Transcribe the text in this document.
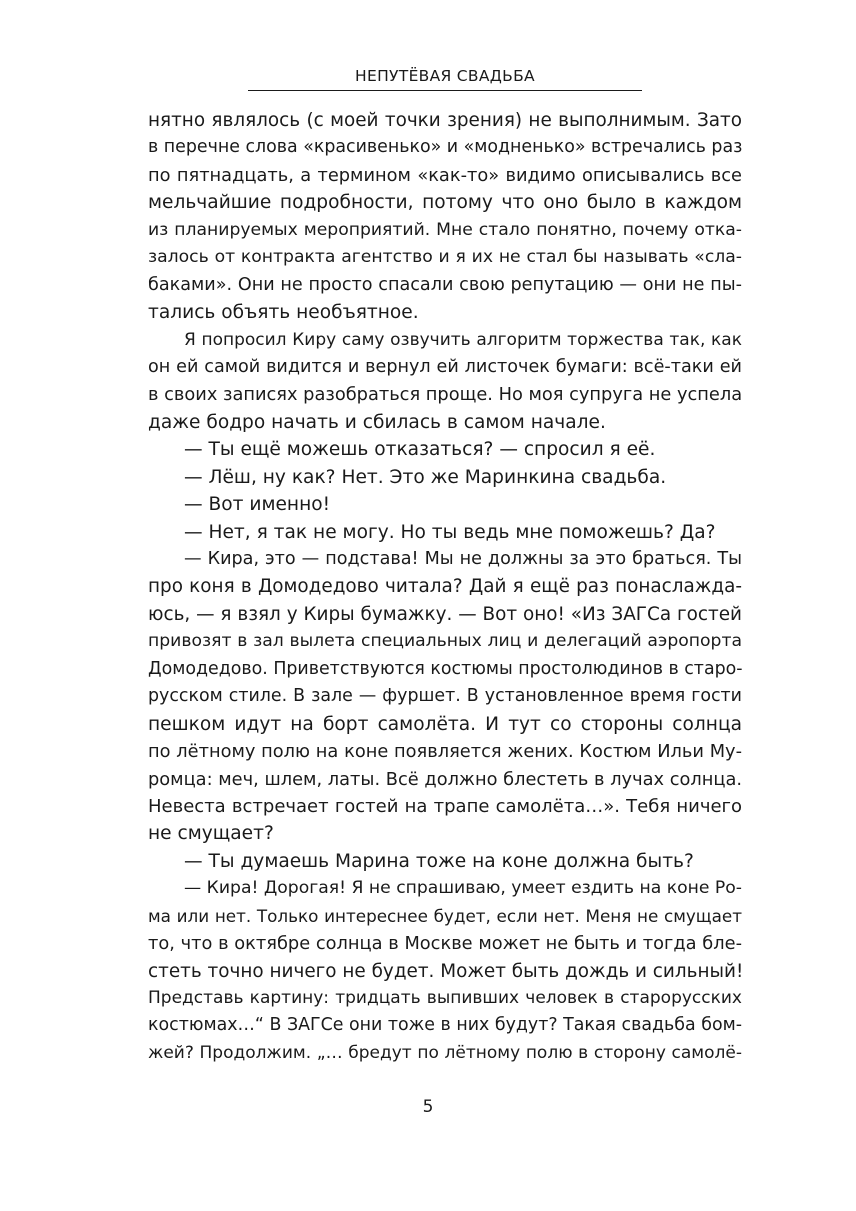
НЕПУТЁВАЯ СВАДЬБА
нятно являлось (с моей точки зрения) не выполнимым. Зато
в перечне слова «красивенько» и «модненько» встречались раз
по пятнадцать, а термином «как-то» видимо описывались все
мельчайшие подробности, потому что оно было в каждом
из планируемых мероприятий. Мне стало понятно, почему отка-
залось от контракта агентство и я их не стал бы называть «сла-
баками». Они не просто спасали свою репутацию — они не пы-
тались объять необъятное.
Я попросил Киру саму озвучить алгоритм торжества так, как
он ей самой видится и вернул ей листочек бумаги: всё-таки ей
в своих записях разобраться проще. Но моя супруга не успела
даже бодро начать и сбилась в самом начале.
— Ты ещё можешь отказаться? — спросил я её.
— Лёш, ну как? Нет. Это же Маринкина свадьба.
— Вот именно!
— Нет, я так не могу. Но ты ведь мне поможешь? Да?
— Кира, это — подстава! Мы не должны за это браться. Ты
про коня в Домодедово читала? Дай я ещё раз понаслажда-
юсь, — я взял у Киры бумажку. — Вот оно! «Из ЗАГСа гостей
привозят в зал вылета специальных лиц и делегаций аэропорта
Домодедово. Приветствуются костюмы простолюдинов в старо-
русском стиле. В зале — фуршет. В установленное время гости
пешком идут на борт самолёта. И тут со стороны солнца
по лётному полю на коне появляется жених. Костюм Ильи Му-
ромца: меч, шлем, латы. Всё должно блестеть в лучах солнца.
Невеста встречает гостей на трапе самолёта…». Тебя ничего
не смущает?
— Ты думаешь Марина тоже на коне должна быть?
— Кира! Дорогая! Я не спрашиваю, умеет ездить на коне Ро-
ма или нет. Только интереснее будет, если нет. Меня не смущает
то, что в октябре солнца в Москве может не быть и тогда бле-
стеть точно ничего не будет. Может быть дождь и сильный!
Представь картину: тридцать выпивших человек в старорусских
костюмах…“ В ЗАГСе они тоже в них будут? Такая свадьба бом-
жей? Продолжим. „… бредут по лётному полю в сторону самолё-
5
